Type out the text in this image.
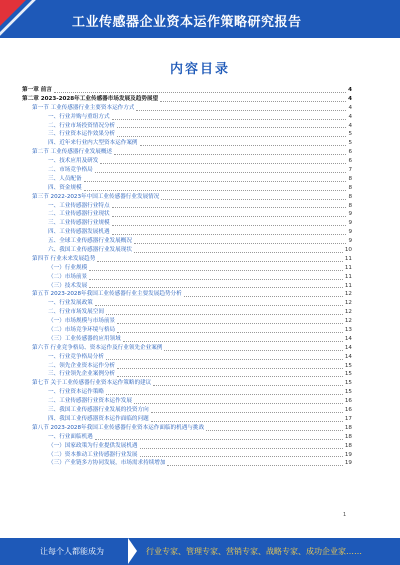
工业传感器企业资本运作策略研究报告
内容目录
第一章 前言	4
第二章 2023-2028年工业传感器市场发展及趋势展望	4
第一节 工业传感器行业主要资本运作方式	4
一、行业并购与重组方式	4
二、行业市场投资情况分析	4
三、行业资本运作效果分析	5
四、近年来行业内大型资本运作案例	5
第二节 工业传感器行业发展概述	6
一、技术应用及研发	6
二、市场竞争格局	7
三、人员配备	8
四、资金规模	8
第三节 2022-2023年中国工业传感器行业发展情况	8
一、工业传感器行业特点	8
二、工业传感器行业现状	9
三、工业传感器行业规模	9
四、工业传感器发展机遇	9
五、全球工业传感器行业发展概况	9
六、我国工业传感器行业发展现状	10
第四节 行业未来发展趋势	11
（一）行业规模	11
（二）市场前景	11
（三）技术发展	11
第五节 2023-2028年我国工业传感器行业主要发展趋势分析	12
一、行业发展政策	12
二、行业市场发展空间	12
（一）市场规模与市场前景	12
（二）市场竞争环境与格局	13
（三）工业传感器的应用领域	14
第六节 行业竞争格局、资本运作及行业领先企业案例	14
一、行业竞争格局分析	14
二、领先企业资本运作分析	15
三、行业领先企业案例分析	15
第七节 关于工业传感器行业资本运作策略的建议	15
一、行业资本运作策略	15
二、工业传感器行业资本运作发展	16
三、我国工业传感器行业发展的投资方向	16
四、我国工业传感器资本运作面临的问题	17
第八节 2023-2028年我国工业传感器行业资本运作面临的机遇与挑战	18
一、行业面临机遇	18
（一）国家政策为行业提供发展机遇	18
（二）资本推动工业传感器行业发展	19
（三）产业链多方协同发展，市场需求持续增加	19
1
让每个人都能成为	行业专家、管理专家、营销专家、战略专家、成功企业家……
